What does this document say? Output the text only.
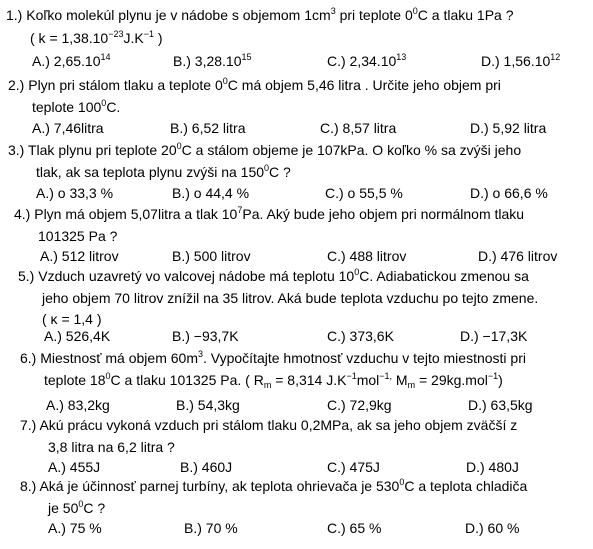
1.) Koľko molekúl plynu je v nádobe s objemom $1cm^3$ pri teplote $0^0C$ a tlaku 1Pa ?
( $k = 1,38.10^{-23}J.K^{-1}$ )
A.) 2,65.10$^{14}$	B.) 3,28.10$^{15}$	C.) 2,34.10$^{13}$	D.) 1,56.10$^{12}$
2.) Plyn pri stálom tlaku a teplote $0^0C$ má objem 5,46 litra . Určite jeho objem pri
teplote $100^0C$.
A.) 7,46litra	B.) 6,52 litra	C.) 8,57 litra	D.) 5,92 litra
3.) Tlak plynu pri teplote $20^0C$ a stálom objeme je 107kPa. O koľko % sa zvýši jeho
tlak, ak sa teplota plynu zvýši na $150^0C$ ?
A.) o 33,3 %	B.) o 44,4 %	C.) o 55,5 %	D.) o 66,6 %
4.) Plyn má objem 5,07litra a tlak $10^7Pa$. Aký bude jeho objem pri normálnom tlaku
101325 Pa ?
A.) 512 litrov	B.) 500 litrov	C.) 488 litrov	D.) 476 litrov
5.) Vzduch uzavretý vo valcovej nádobe má teplotu $10^0C$. Adiabatickou zmenou sa
jeho objem 70 litrov znížil na 35 litrov. Aká bude teplota vzduchu po tejto zmene.
( κ = 1,4 )
A.) 526,4K	B.) −93,7K	C.) 373,6K	D.) −17,3K
6.) Miestnosť má objem $60m^3$. Vypočítajte hmotnosť vzduchu v tejto miestnosti pri
teplote $18^0C$ a tlaku 101325 Pa. ( $R_m = 8,314$ $J.K^{-1}mol^{-1,}$ $M_m = 29kg.mol^{-1}$)
A.) 83,2kg	B.) 54,3kg	C.) 72,9kg	D.) 63,5kg
7.) Akú prácu vykoná vzduch pri stálom tlaku 0,2MPa, ak sa jeho objem zväčší z
3,8 litra na 6,2 litra ?
A.) 455J	B.) 460J	C.) 475J	D.) 480J
8.) Aká je účinnosť parnej turbíny, ak teplota ohrievača je $530^0C$ a teplota chladiča
je $50^0C$ ?
A.) 75 %	B.) 70 %	C.) 65 %	D.) 60 %
